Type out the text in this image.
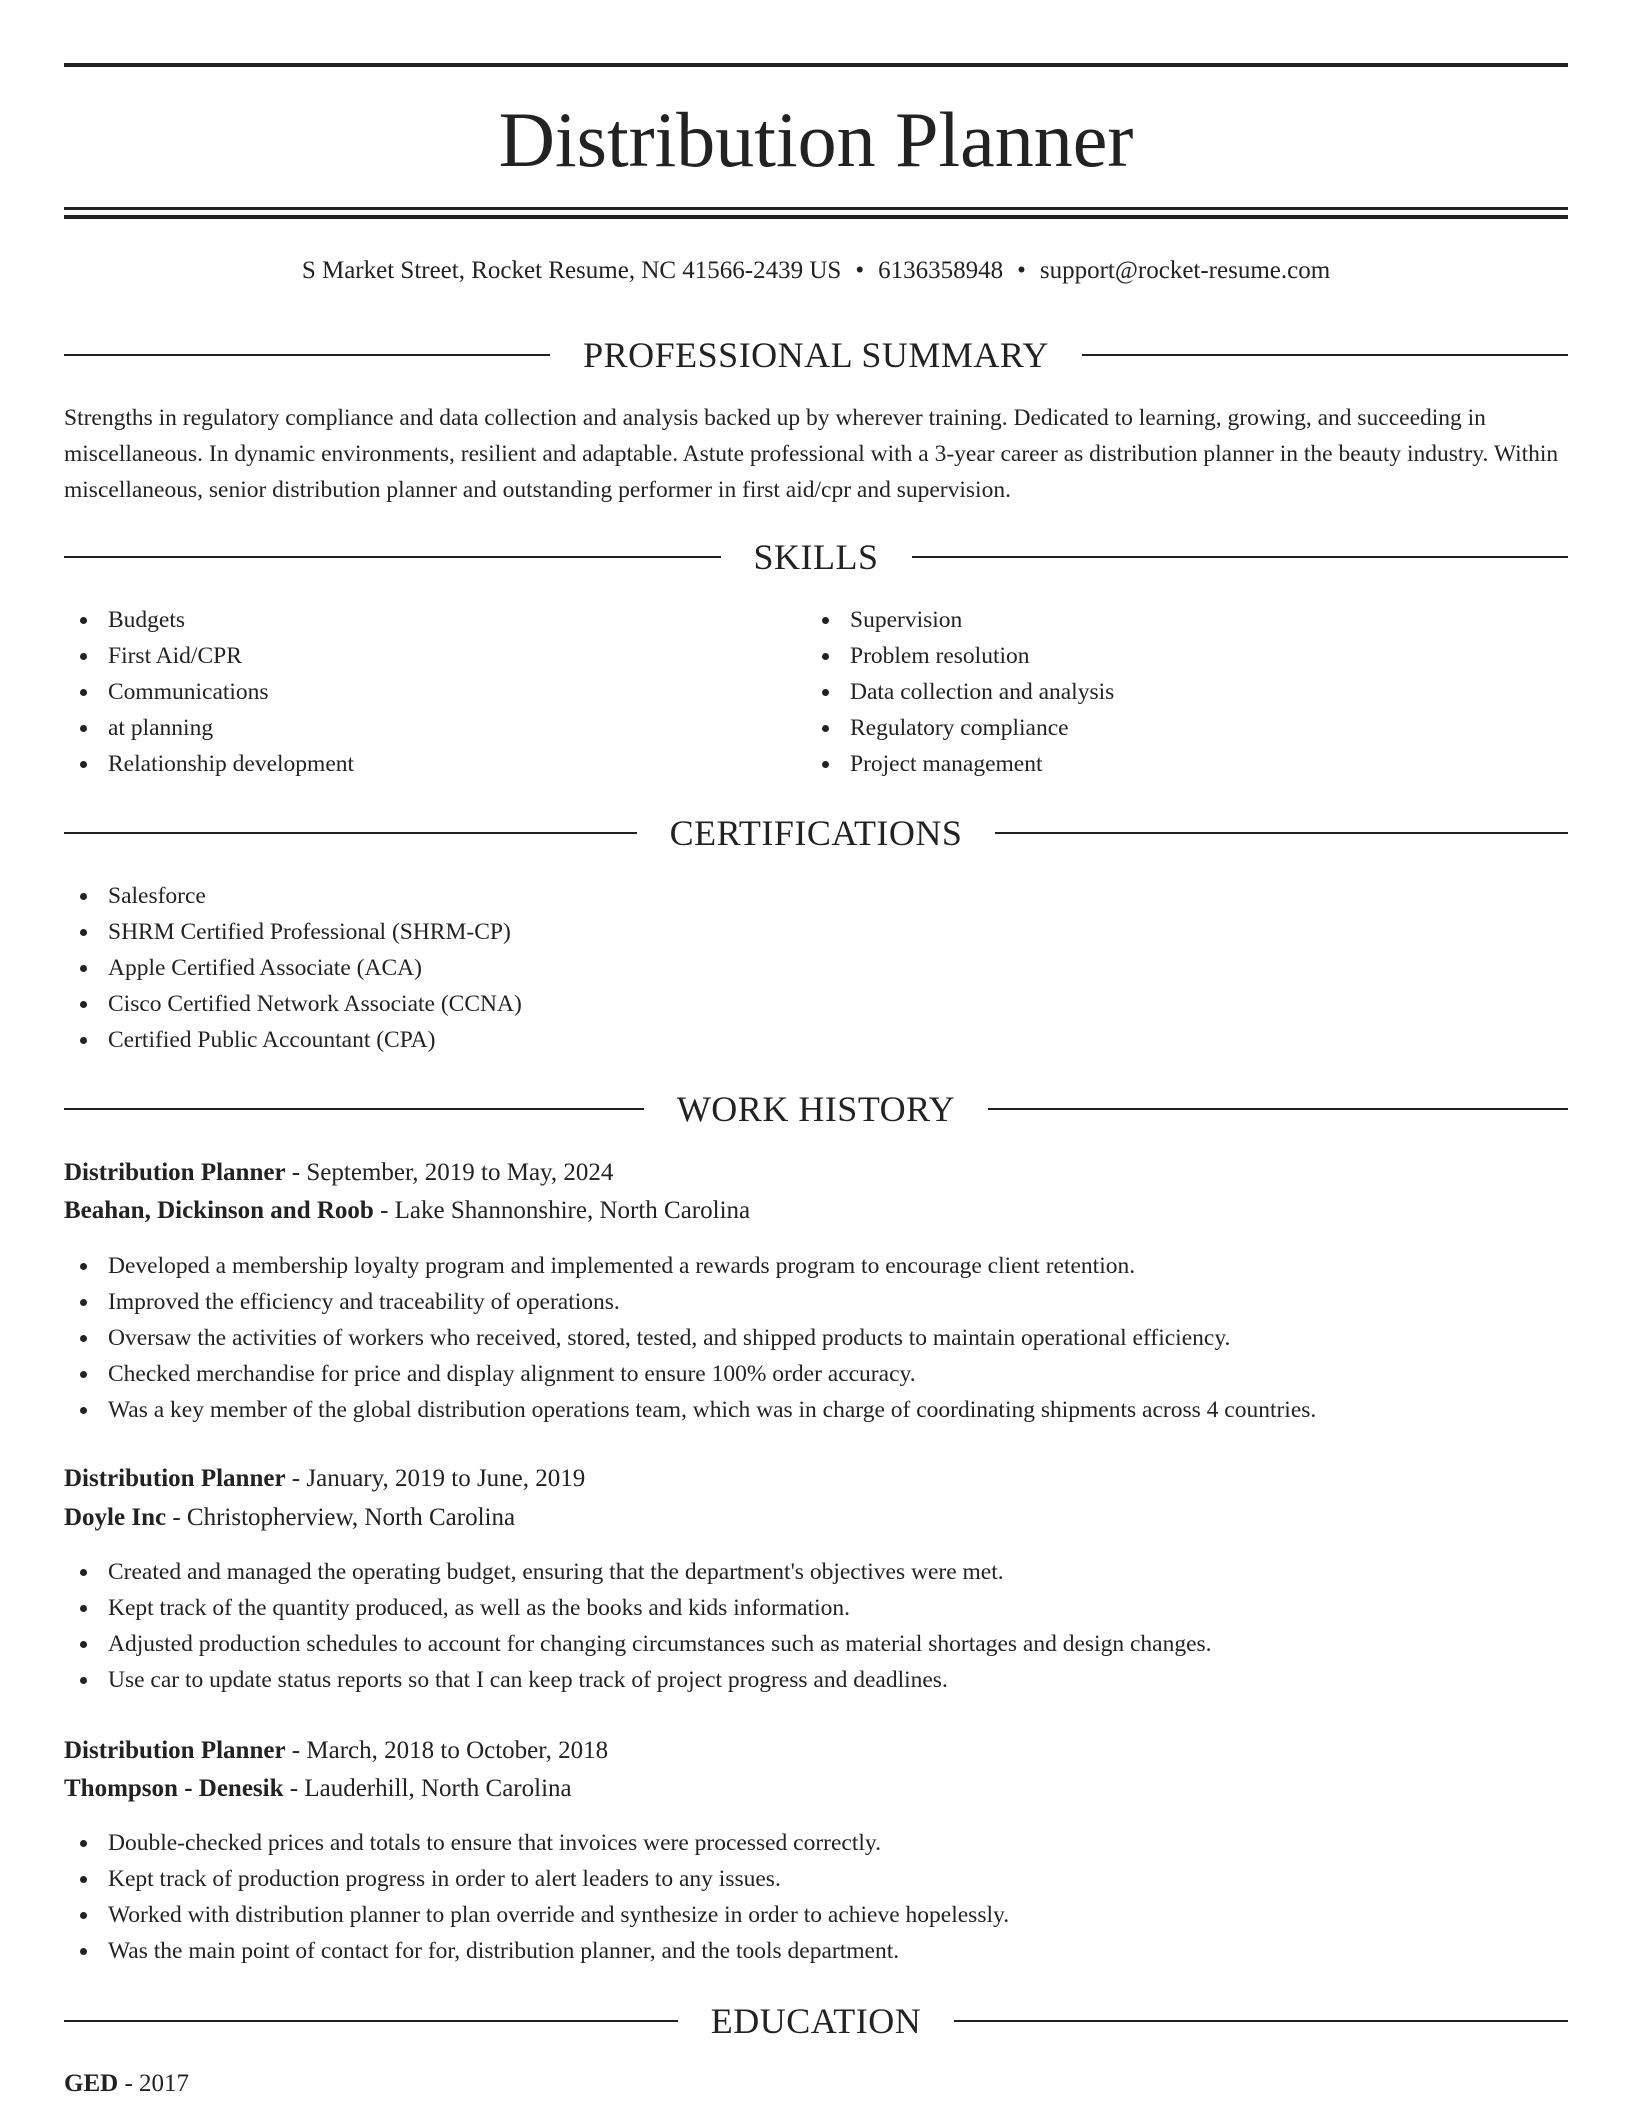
Distribution Planner
S Market Street, Rocket Resume, NC 41566-2439 US • 6136358948 • support@rocket-resume.com
PROFESSIONAL SUMMARY

Strengths in regulatory compliance and data collection and analysis backed up by wherever training. Dedicated to learning, growing, and succeeding in miscellaneous. In dynamic environments, resilient and adaptable. Astute professional with a 3-year career as distribution planner in the beauty industry. Within miscellaneous, senior distribution planner and outstanding performer in first aid/cpr and supervision.

SKILLS
Budgets
First Aid/CPR
Communications
at planning
Relationship development
Supervision
Problem resolution
Data collection and analysis
Regulatory compliance
Project management
CERTIFICATIONS
Salesforce
SHRM Certified Professional (SHRM-CP)
Apple Certified Associate (ACA)
Cisco Certified Network Associate (CCNA)
Certified Public Accountant (CPA)
WORK HISTORY
Distribution Planner - September, 2019 to May, 2024
Beahan, Dickinson and Roob - Lake Shannonshire, North Carolina
Developed a membership loyalty program and implemented a rewards program to encourage client retention.
Improved the efficiency and traceability of operations.
Oversaw the activities of workers who received, stored, tested, and shipped products to maintain operational efficiency.
Checked merchandise for price and display alignment to ensure 100% order accuracy.
Was a key member of the global distribution operations team, which was in charge of coordinating shipments across 4 countries.
Distribution Planner - January, 2019 to June, 2019
Doyle Inc - Christopherview, North Carolina
Created and managed the operating budget, ensuring that the department's objectives were met.
Kept track of the quantity produced, as well as the books and kids information.
Adjusted production schedules to account for changing circumstances such as material shortages and design changes.
Use car to update status reports so that I can keep track of project progress and deadlines.
Distribution Planner - March, 2018 to October, 2018
Thompson - Denesik - Lauderhill, North Carolina
Double-checked prices and totals to ensure that invoices were processed correctly.
Kept track of production progress in order to alert leaders to any issues.
Worked with distribution planner to plan override and synthesize in order to achieve hopelessly.
Was the main point of contact for for, distribution planner, and the tools department.
EDUCATION
GED - 2017
